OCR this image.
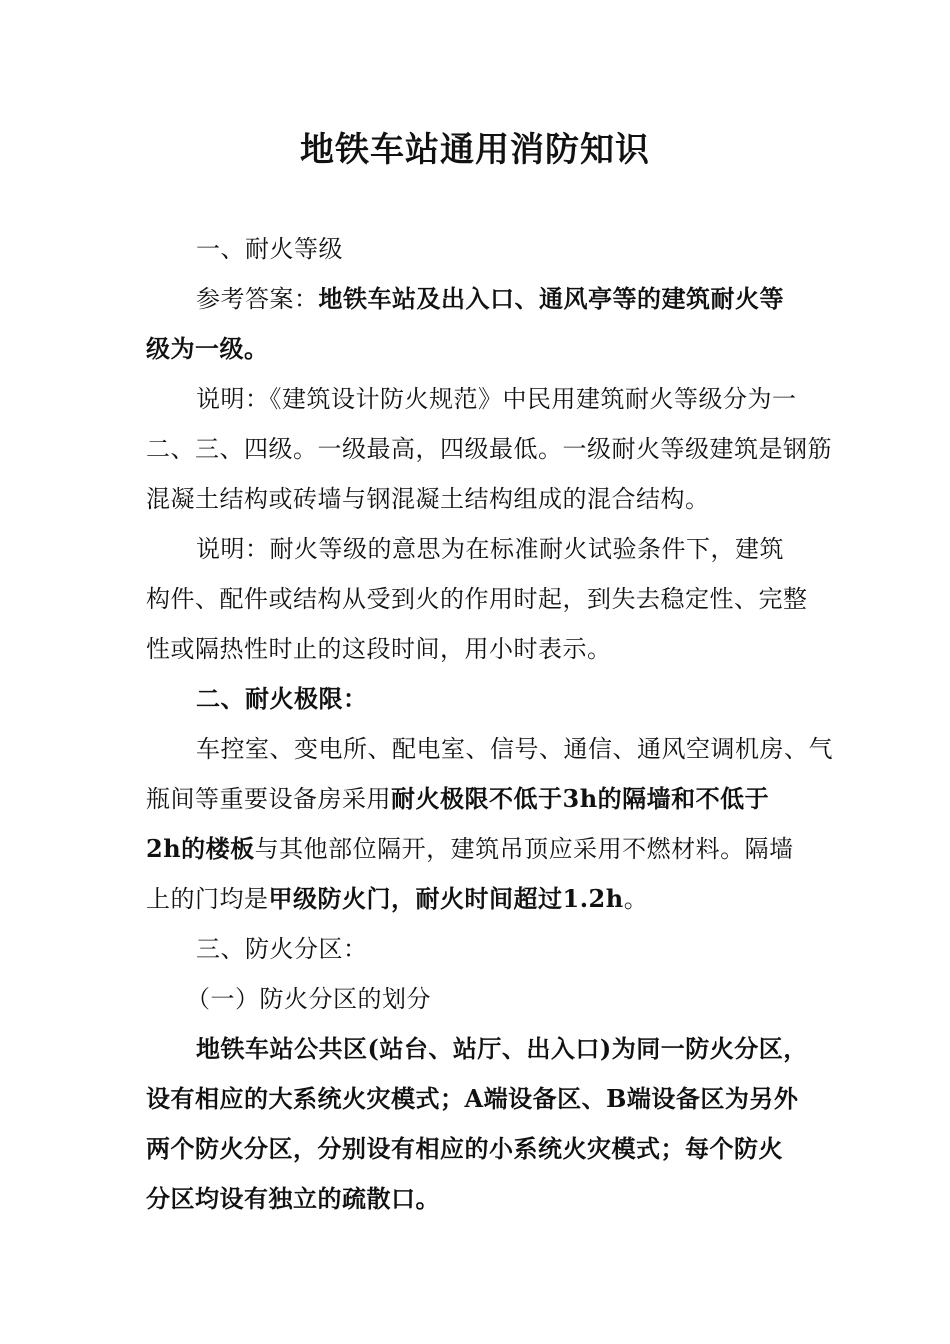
地铁车站通用消防知识
一、耐火等级
参考答案：地铁车站及出入口、通风亭等的建筑耐火等
级为一级。
说明：《建筑设计防火规范》中民用建筑耐火等级分为一
二、三、四级。一级最高，四级最低。一级耐火等级建筑是钢筋
混凝土结构或砖墙与钢混凝土结构组成的混合结构。
说明：耐火等级的意思为在标准耐火试验条件下，建筑
构件、配件或结构从受到火的作用时起，到失去稳定性、完整
性或隔热性时止的这段时间，用小时表示。
二、耐火极限：
车控室、变电所、配电室、信号、通信、通风空调机房、气
瓶间等重要设备房采用耐火极限不低于3h的隔墙和不低于
2h的楼板与其他部位隔开，建筑吊顶应采用不燃材料。隔墙
上的门均是甲级防火门，耐火时间超过1.2h。
三、防火分区：
（一）防火分区的划分
地铁车站公共区(站台、站厅、出入口)为同一防火分区，
设有相应的大系统火灾模式；A端设备区、B端设备区为另外
两个防火分区，分别设有相应的小系统火灾模式；每个防火
分区均设有独立的疏散口。
